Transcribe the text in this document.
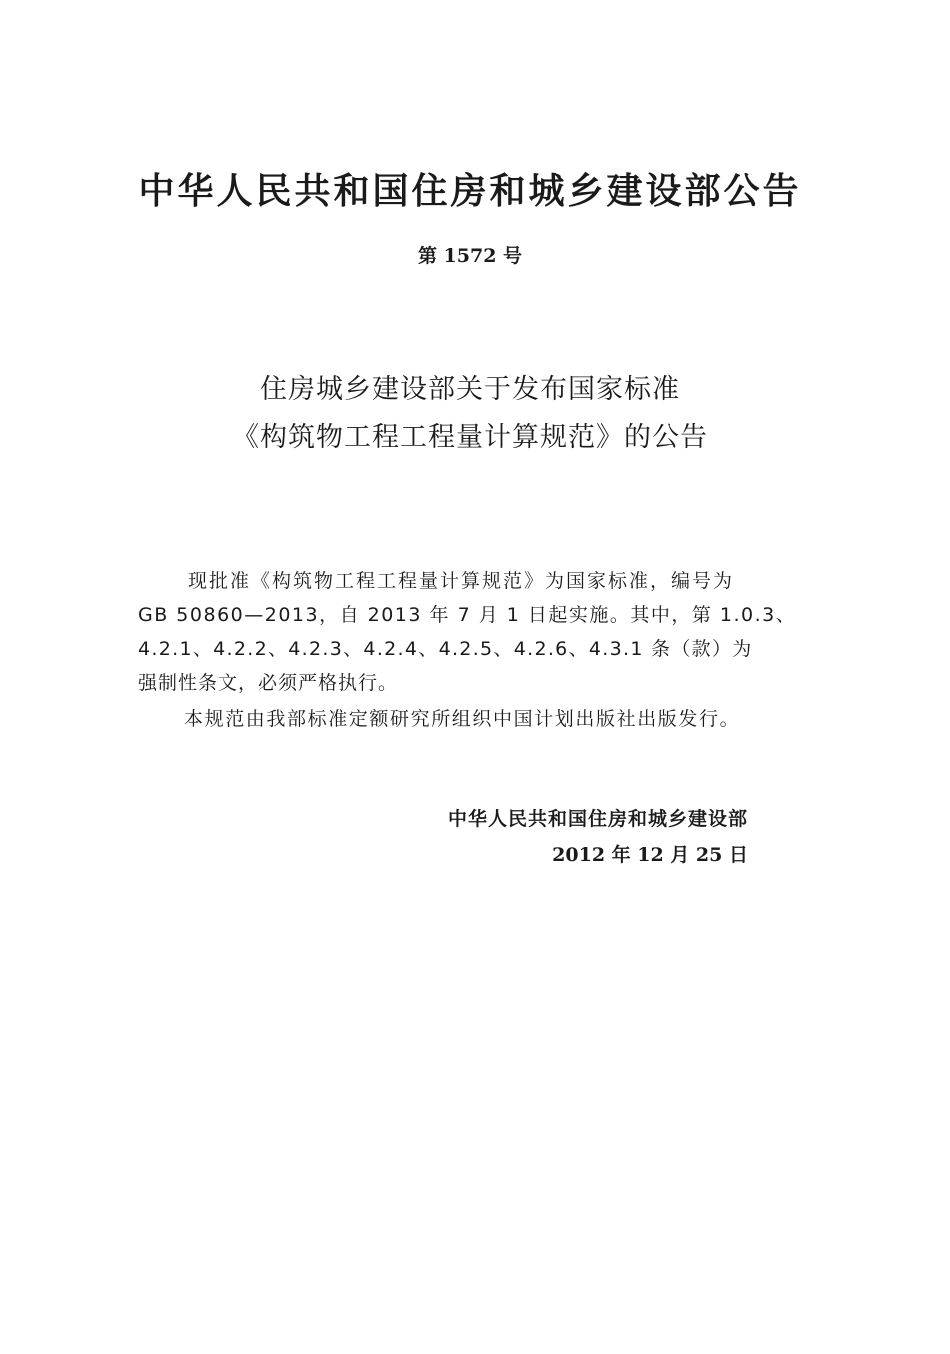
中华人民共和国住房和城乡建设部公告
第 1572 号
住房城乡建设部关于发布国家标准
《构筑物工程工程量计算规范》的公告
现批准《构筑物工程工程量计算规范》为国家标准，编号为
GB 50860—2013，自 2013 年 7 月 1 日起实施。其中，第 1.0.3、
4.2.1、4.2.2、4.2.3、4.2.4、4.2.5、4.2.6、4.3.1 条（款）为
强制性条文，必须严格执行。
本规范由我部标准定额研究所组织中国计划出版社出版发行。
中华人民共和国住房和城乡建设部
2012 年 12 月 25 日
